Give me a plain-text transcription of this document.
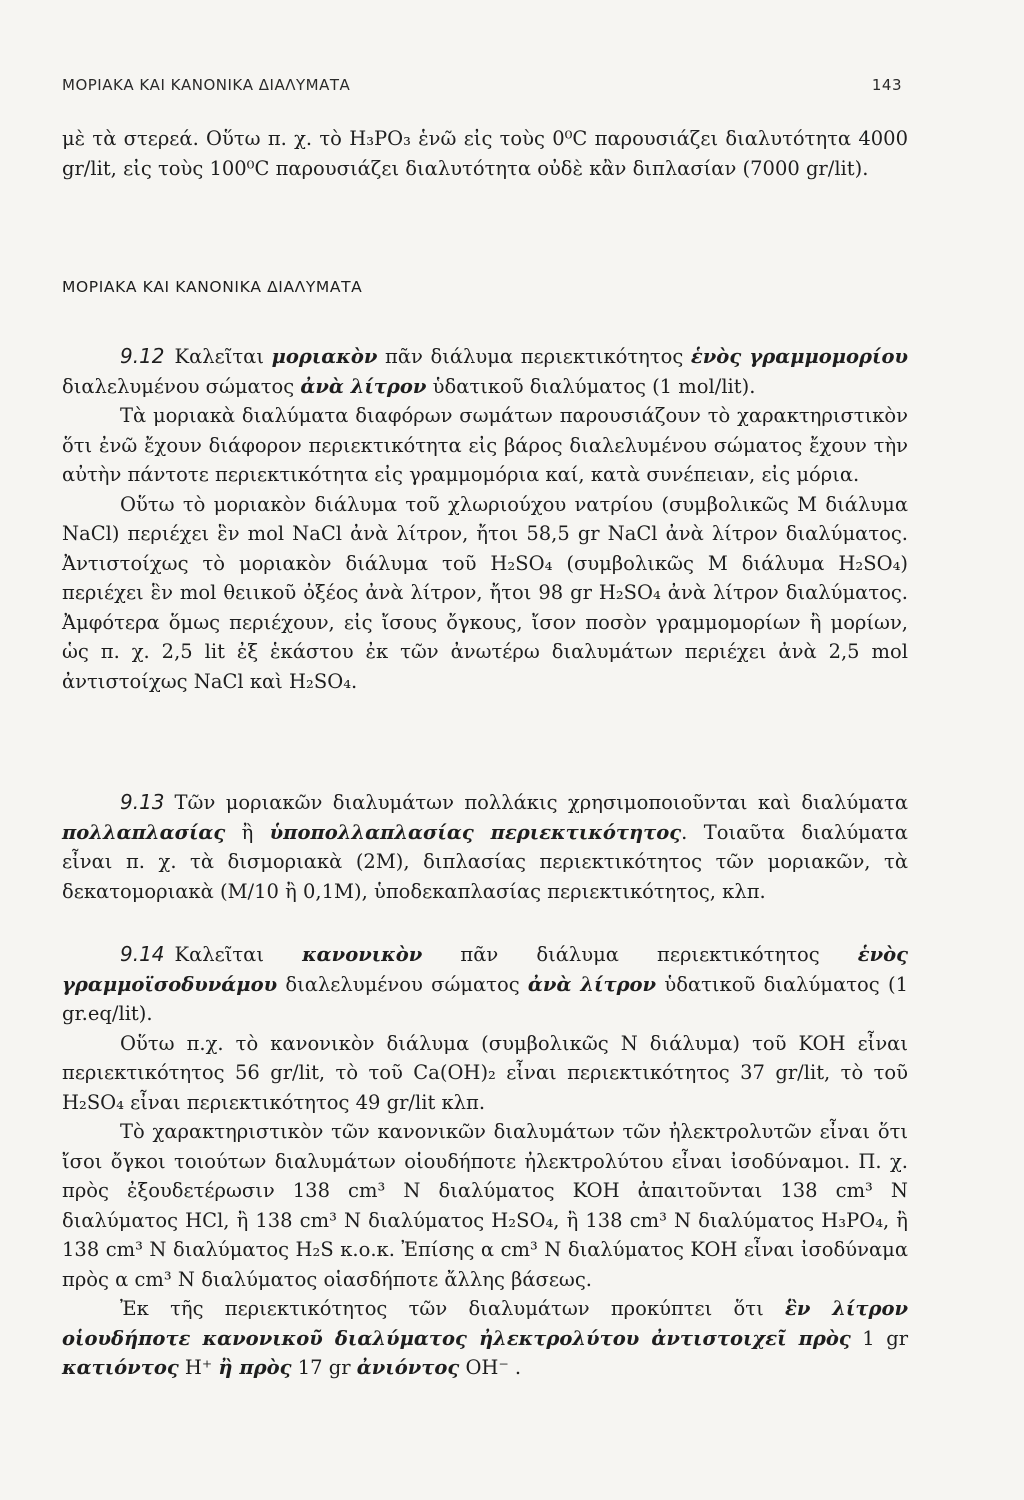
ΜΟΡΙΑΚΑ ΚΑΙ ΚΑΝΟΝΙΚΑ ΔΙΑΛΥΜΑΤΑ	143

μὲ τὰ στερεά. Οὕτω π. χ. τὸ H₃PO₃ ἑνῶ εἰς τοὺς 0⁰C παρουσιάζει διαλυτότητα 4000 gr/lit, εἰς τοὺς 100⁰C παρουσιάζει διαλυτότητα οὐδὲ κἂν διπλασίαν (7000 gr/lit).

ΜΟΡΙΑΚΑ ΚΑΙ ΚΑΝΟΝΙΚΑ ΔΙΑΛΥΜΑΤΑ

9.12 Καλεῖται μοριακὸν πᾶν διάλυμα περιεκτικότητος ἑνὸς γραμμομορίου διαλελυμένου σώματος ἀνὰ λίτρον ὑδατικοῦ διαλύματος (1 mol/lit).

Τὰ μοριακὰ διαλύματα διαφόρων σωμάτων παρουσιάζουν τὸ χαρακτηριστικὸν ὅτι ἐνῶ ἔχουν διάφορον περιεκτικότητα εἰς βάρος διαλελυμένου σώματος ἔχουν τὴν αὐτὴν πάντοτε περιεκτικότητα εἰς γραμμομόρια καί, κατὰ συνέπειαν, εἰς μόρια.

Οὕτω τὸ μοριακὸν διάλυμα τοῦ χλωριούχου νατρίου (συμβολικῶς M διάλυμα NaCl) περιέχει ἓν mol NaCl ἀνὰ λίτρον, ἤτοι 58,5 gr NaCl ἀνὰ λίτρον διαλύματος. Ἀντιστοίχως τὸ μοριακὸν διάλυμα τοῦ H₂SO₄ (συμβολικῶς M διάλυμα H₂SO₄) περιέχει ἓν mol θειικοῦ ὀξέος ἀνὰ λίτρον, ἤτοι 98 gr H₂SO₄ ἀνὰ λίτρον διαλύματος. Ἀμφότερα ὅμως περιέχουν, εἰς ἴσους ὄγκους, ἴσον ποσὸν γραμμομορίων ἢ μορίων, ὡς π. χ. 2,5 lit ἐξ ἑκάστου ἐκ τῶν ἀνωτέρω διαλυμάτων περιέχει ἀνὰ 2,5 mol ἀντιστοίχως NaCl καὶ H₂SO₄.

9.13 Τῶν μοριακῶν διαλυμάτων πολλάκις χρησιμοποιοῦνται καὶ διαλύματα πολλαπλασίας ἢ ὑποπολλαπλασίας περιεκτικότητος. Τοιαῦτα διαλύματα εἶναι π. χ. τὰ δισμοριακὰ (2M), διπλασίας περιεκτικότητος τῶν μοριακῶν, τὰ δεκατομοριακὰ (M/10 ἢ 0,1M), ὑποδεκαπλασίας περιεκτικότητος, κλπ.

9.14 Καλεῖται κανονικὸν πᾶν διάλυμα περιεκτικότητος ἑνὸς γραμμοϊσοδυνάμου διαλελυμένου σώματος ἀνὰ λίτρον ὑδατικοῦ διαλύματος (1 gr.eq/lit).

Οὕτω π.χ. τὸ κανονικὸν διάλυμα (συμβολικῶς N διάλυμα) τοῦ KOH εἶναι περιεκτικότητος 56 gr/lit, τὸ τοῦ Ca(OH)₂ εἶναι περιεκτικότητος 37 gr/lit, τὸ τοῦ H₂SO₄ εἶναι περιεκτικότητος 49 gr/lit κλπ.

Τὸ χαρακτηριστικὸν τῶν κανονικῶν διαλυμάτων τῶν ἠλεκτρολυτῶν εἶναι ὅτι ἴσοι ὄγκοι τοιούτων διαλυμάτων οἱουδήποτε ἠλεκτρολύτου εἶναι ἰσοδύναμοι. Π. χ. πρὸς ἐξουδετέρωσιν 138 cm³ N διαλύματος KOH ἀπαιτοῦνται 138 cm³ N διαλύματος HCl, ἢ 138 cm³ N διαλύματος H₂SO₄, ἢ 138 cm³ N διαλύματος H₃PO₄, ἢ 138 cm³ N διαλύματος H₂S κ.ο.κ. Ἐπίσης α cm³ N διαλύματος KOH εἶναι ἰσοδύναμα πρὸς α cm³ N διαλύματος οἱασδήποτε ἄλλης βάσεως.

Ἐκ τῆς περιεκτικότητος τῶν διαλυμάτων προκύπτει ὅτι ἓν λίτρον οἱουδήποτε κανονικοῦ διαλύματος ἠλεκτρολύτου ἀντιστοιχεῖ πρὸς 1 gr κατιόντος H⁺ ἢ πρὸς 17 gr ἀνιόντος OH⁻ .
